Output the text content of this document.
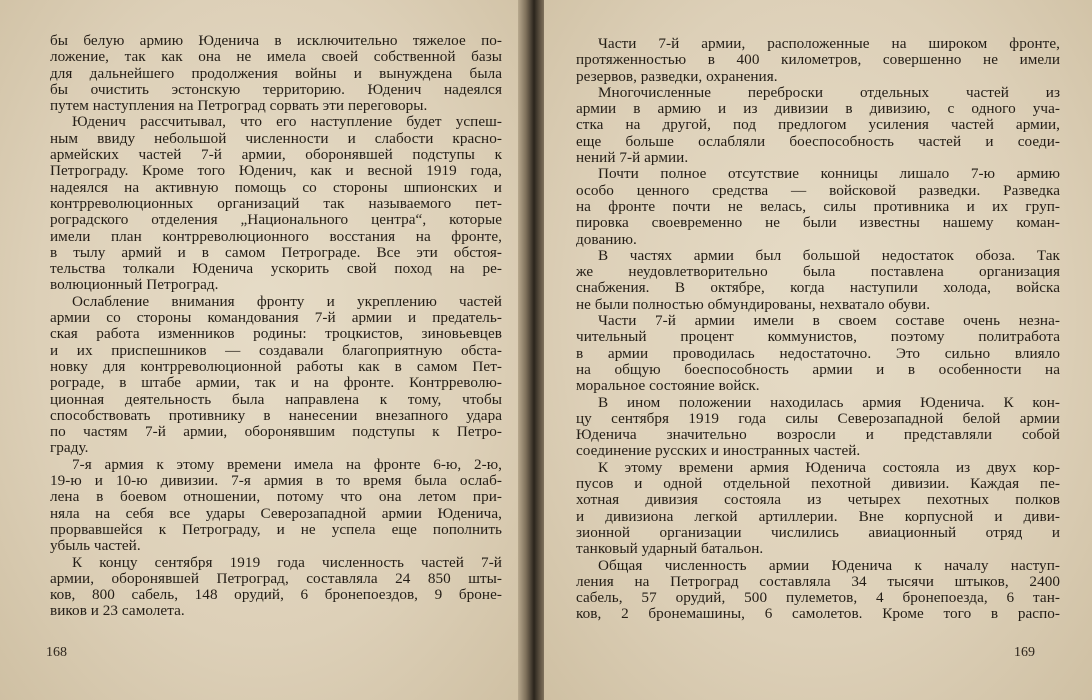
бы белую армию Юденича в исключительно тяжелое по-

ложение, так как она не имела своей собственной базы

для дальнейшего продолжения войны и вынуждена была

бы очистить эстонскую территорию. Юденич надеялся

путем наступления на Петроград сорвать эти переговоры.

Юденич рассчитывал, что его наступление будет успеш-

ным ввиду небольшой численности и слабости красно-

армейских частей 7-й армии, оборонявшей подступы к

Петрограду. Кроме того Юденич, как и весной 1919 года,

надеялся на активную помощь со стороны шпионских и

контрреволюционных организаций так называемого пет-

роградского отделения „Национального центра“, которые

имели план контрреволюционного восстания на фронте,

в тылу армий и в самом Петрограде. Все эти обстоя-

тельства толкали Юденича ускорить свой поход на ре-

волюционный Петроград.

Ослабление внимания фронту и укреплению частей

армии со стороны командования 7-й армии и предатель-

ская работа изменников родины: троцкистов, зиновьевцев

и их приспешников — создавали благоприятную обста-

новку для контрреволюционной работы как в самом Пет-

рограде, в штабе армии, так и на фронте. Контрреволю-

ционная деятельность была направлена к тому, чтобы

способствовать противнику в нанесении внезапного удара

по частям 7-й армии, оборонявшим подступы к Петро-

граду.

7-я армия к этому времени имела на фронте 6-ю, 2-ю,

19-ю и 10-ю дивизии. 7-я армия в то время была ослаб-

лена в боевом отношении, потому что она летом при-

няла на себя все удары Северозападной армии Юденича,

прорвавшейся к Петрограду, и не успела еще пополнить

убыль частей.

К концу сентября 1919 года численность частей 7-й

армии, оборонявшей Петроград, составляла 24 850 шты-

ков, 800 сабель, 148 орудий, 6 бронепоездов, 9 броне-

виков и 23 самолета.

168

Части 7-й армии, расположенные на широком фронте,

протяженностью в 400 километров, совершенно не имели

резервов, разведки, охранения.

Многочисленные переброски отдельных частей из

армии в армию и из дивизии в дивизию, с одного уча-

стка на другой, под предлогом усиления частей армии,

еще больше ослабляли боеспособность частей и соеди-

нений 7-й армии.

Почти полное отсутствие конницы лишало 7-ю армию

особо ценного средства — войсковой разведки. Разведка

на фронте почти не велась, силы противника и их груп-

пировка своевременно не были известны нашему коман-

дованию.

В частях армии был большой недостаток обоза. Так

же неудовлетворительно была поставлена организация

снабжения. В октябре, когда наступили холода, войска

не были полностью обмундированы, нехватало обуви.

Части 7-й армии имели в своем составе очень незна-

чительный процент коммунистов, поэтому политработа

в армии проводилась недостаточно. Это сильно влияло

на общую боеспособность армии и в особенности на

моральное состояние войск.

В ином положении находилась армия Юденича. К кон-

цу сентября 1919 года силы Северозападной белой армии

Юденича значительно возросли и представляли собой

соединение русских и иностранных частей.

К этому времени армия Юденича состояла из двух кор-

пусов и одной отдельной пехотной дивизии. Каждая пе-

хотная дивизия состояла из четырех пехотных полков

и дивизиона легкой артиллерии. Вне корпусной и диви-

зионной организации числились авиационный отряд и

танковый ударный батальон.

Общая численность армии Юденича к началу наступ-

ления на Петроград составляла 34 тысячи штыков, 2400

сабель, 57 орудий, 500 пулеметов, 4 бронепоезда, 6 тан-

ков, 2 бронемашины, 6 самолетов. Кроме того в распо-

169
